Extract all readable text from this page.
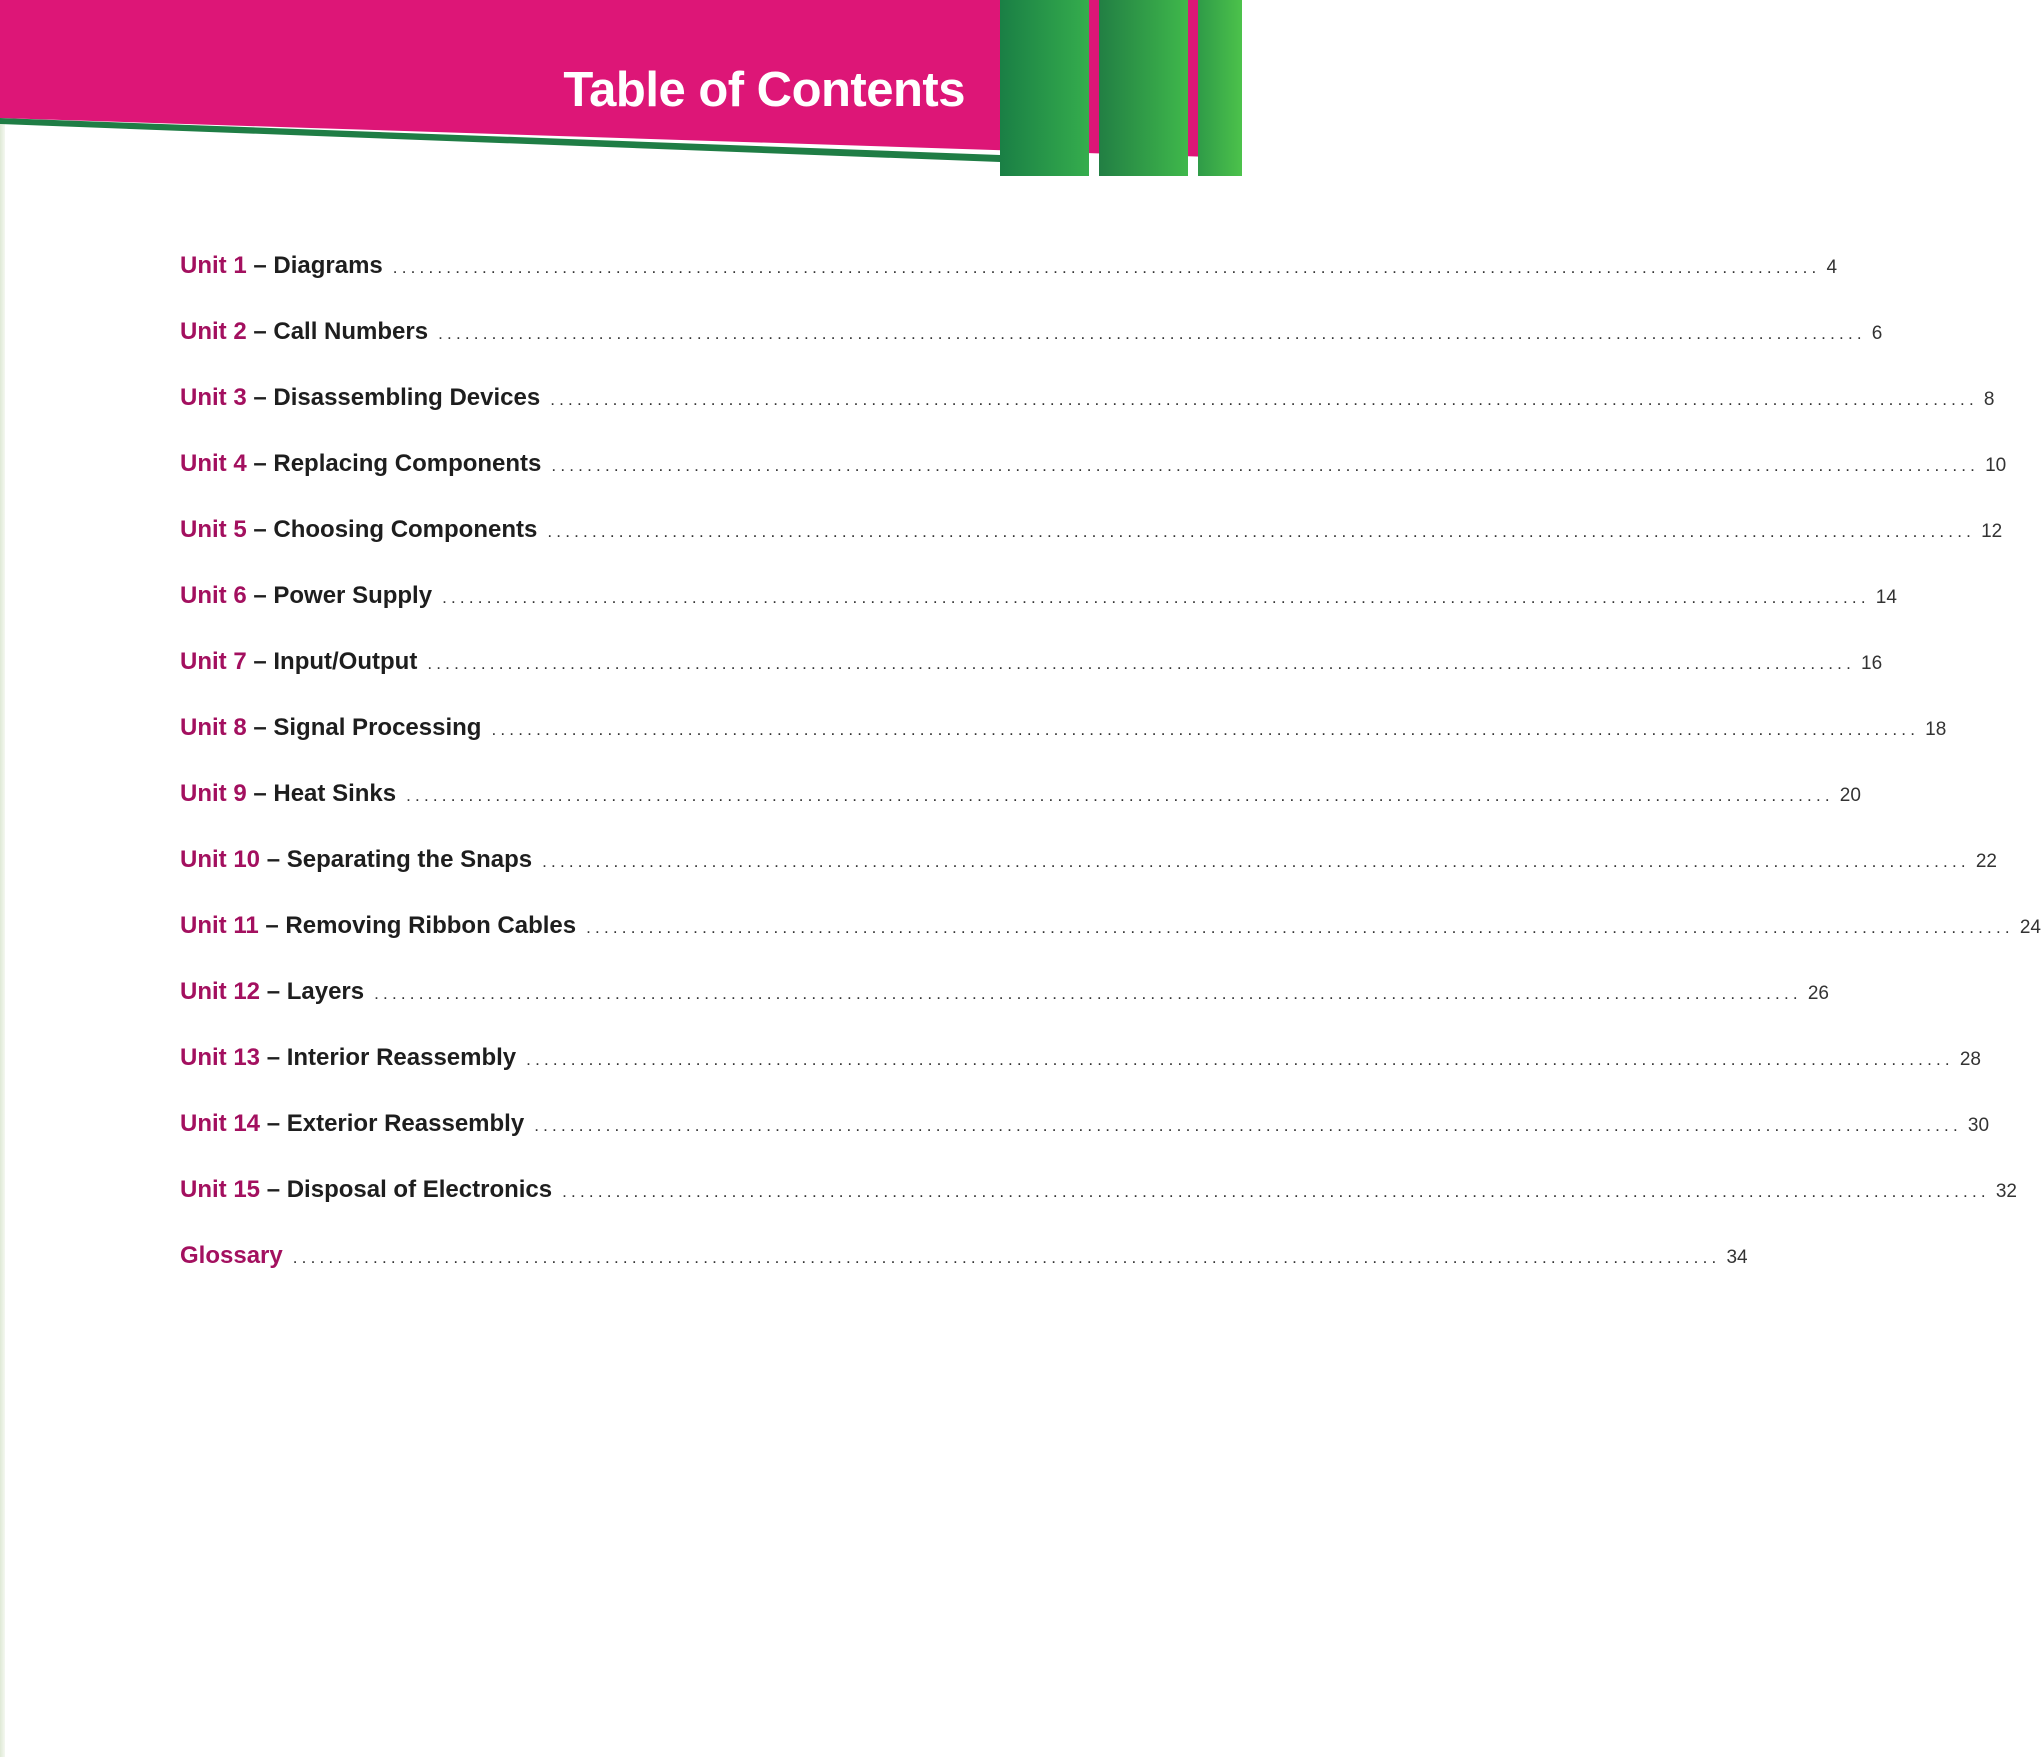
Table of Contents
Unit 1 – Diagrams ................................................................................................................................................................ 4
Unit 2 – Call Numbers ................................................................................................................................................................ 6
Unit 3 – Disassembling Devices ................................................................................................................................................................ 8
Unit 4 – Replacing Components ................................................................................................................................................................ 10
Unit 5 – Choosing Components ................................................................................................................................................................ 12
Unit 6 – Power Supply ................................................................................................................................................................ 14
Unit 7 – Input/Output ................................................................................................................................................................ 16
Unit 8 – Signal Processing ................................................................................................................................................................ 18
Unit 9 – Heat Sinks ................................................................................................................................................................ 20
Unit 10 – Separating the Snaps ................................................................................................................................................................ 22
Unit 11 – Removing Ribbon Cables ................................................................................................................................................................ 24
Unit 12 – Layers ................................................................................................................................................................ 26
Unit 13 – Interior Reassembly ................................................................................................................................................................ 28
Unit 14 – Exterior Reassembly ................................................................................................................................................................ 30
Unit 15 – Disposal of Electronics ................................................................................................................................................................ 32
Glossary ................................................................................................................................................................ 34
